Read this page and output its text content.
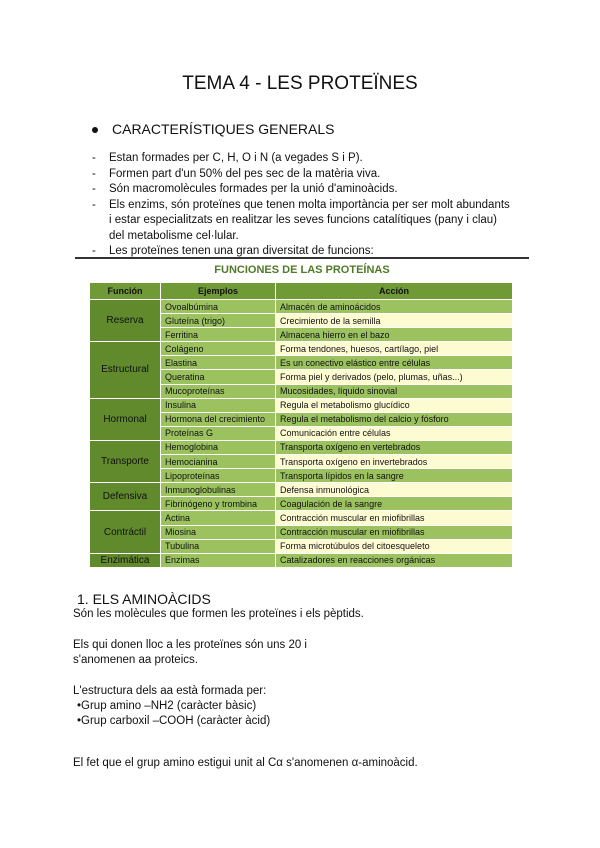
TEMA 4 - LES PROTEÏNES
CARACTERÍSTIQUES GENERALS
- Estan formades per C, H, O i N (a vegades S i P).
- Formen part d'un 50% del pes sec de la matèria viva.
- Són macromolècules formades per la unió d'aminoàcids.
- Els enzims, són proteïnes que tenen molta importància per ser molt abundants i estar especialitzats en realitzar les seves funcions catalítiques (pany i clau) del metabolisme cel·lular.
- Les proteïnes tenen una gran diversitat de funcions:
FUNCIONES DE LAS PROTEÍNAS
Función	Ejemplos	Acción
Reserva	Ovoalbúmina	Almacén de aminoácidos
	Gluteína (trigo)	Crecimiento de la semilla
	Ferritina	Almacena hierro en el bazo
Estructural	Colágeno	Forma tendones, huesos, cartílago, piel
	Elastina	Es un conectivo elástico entre células
	Queratina	Forma piel y derivados (pelo, plumas, uñas...)
	Mucoproteínas	Mucosidades, líquido sinovial
Hormonal	Insulina	Regula el metabolismo glucídico
	Hormona del crecimiento	Regula el metabolismo del calcio y fósforo
	Proteínas G	Comunicación entre células
Transporte	Hemoglobina	Transporta oxígeno en vertebrados
	Hemocianina	Transporta oxígeno en invertebrados
	Lipoproteínas	Transporta lípidos en la sangre
Defensiva	Inmunoglobulinas	Defensa inmunológica
	Fibrinógeno y trombina	Coagulación de la sangre
Contráctil	Actina	Contracción muscular en miofibrillas
	Miosina	Contracción muscular en miofibrillas
	Tubulina	Forma microtúbulos del citoesqueleto
Enzimática	Enzimas	Catalizadores en reacciones orgánicas
1. ELS AMINOÀCIDS
Són les molècules que formen les proteïnes i els pèptids.
Els qui donen lloc a les proteïnes són uns 20 i
s'anomenen aa proteics.
L'estructura dels aa està formada per:
•Grup amino –NH2 (caràcter bàsic)
•Grup carboxil –COOH (caràcter àcid)
El fet que el grup amino estigui unit al Cα s'anomenen α-aminoàcid.
